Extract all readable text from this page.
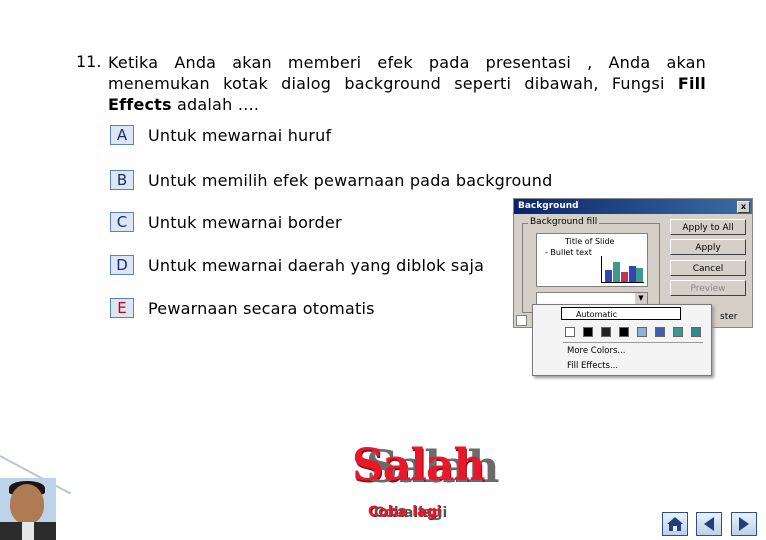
11. Ketika Anda akan memberi efek pada presentasi , Anda akan menemukan kotak dialog background seperti dibawah, Fungsi Fill Effects adalah ….
A	Untuk mewarnai huruf
B	Untuk memilih efek pewarnaan pada background
C	Untuk mewarnai border
D	Untuk mewarnai daerah yang diblok saja
E	Pewarnaan secara otomatis
Background	x
Background fill
Title of Slide
- Bullet text
Apply to All
Apply
Cancel
Preview
▼
ster
Automatic
More Colors...
Fill Effects...
Salah
Coba lagi
